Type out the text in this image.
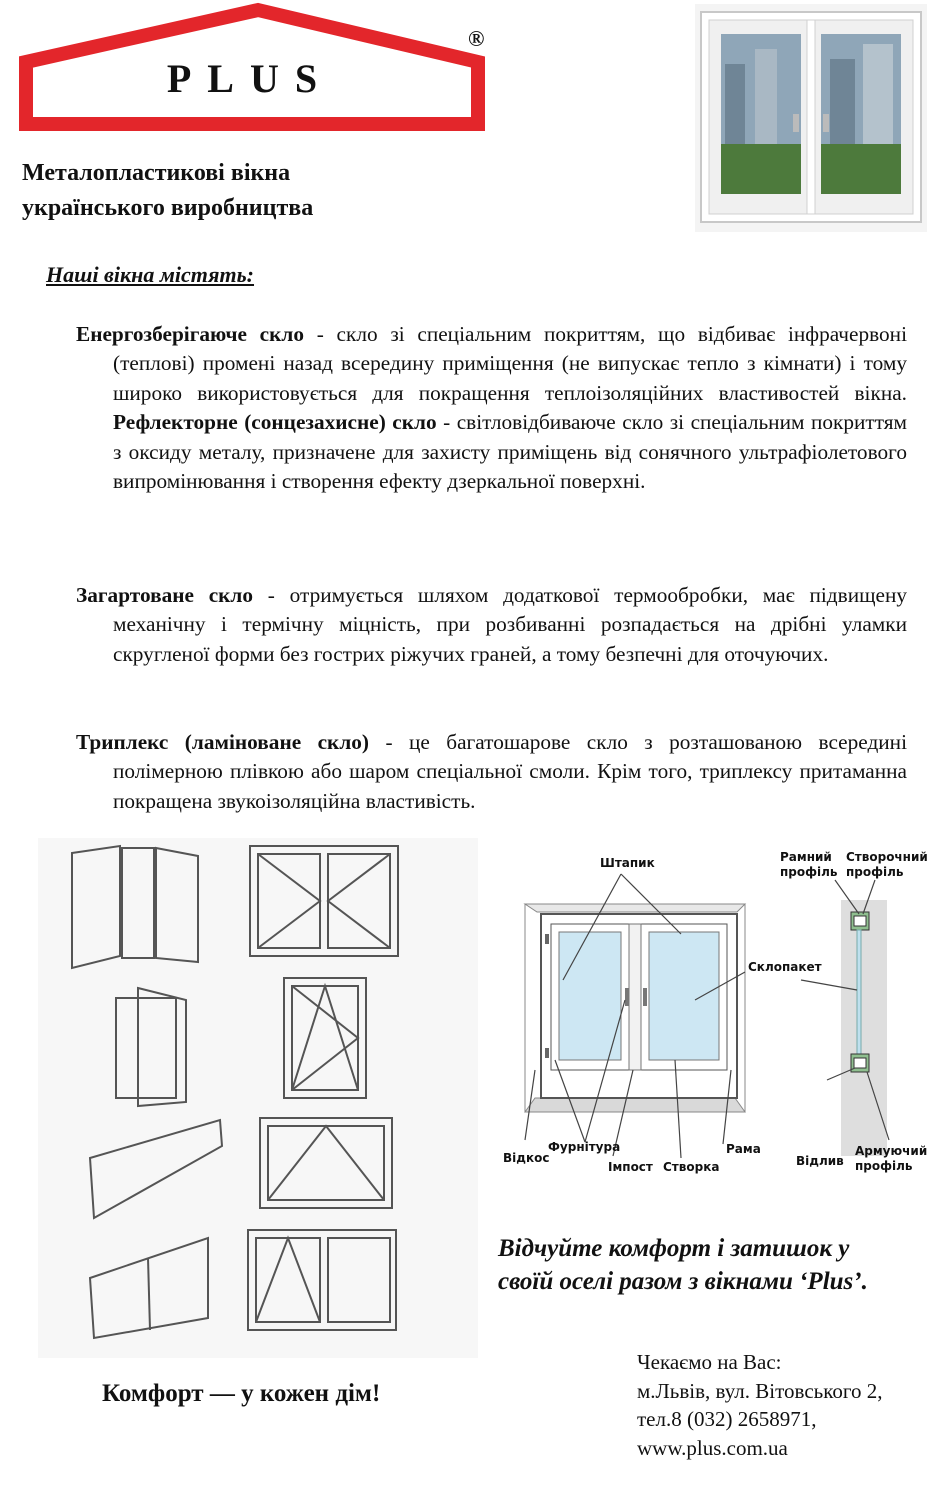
PLUS
®
Металопластикові вікна
українського виробництва
Наші вікна містять:
Енергозберігаюче скло - скло зі спеціальним покриттям, що відбиває інфрачервоні (теплові) промені назад всередину приміщення (не випускає тепло з кімнати) і тому широко використовується для покращення теплоізоляційних властивостей вікна. Рефлекторне (сонцезахисне) скло - світловідбиваюче скло зі спеціальним покриттям з оксиду металу, призначене для захисту приміщень від сонячного ультрафіолетового випромінювання і створення ефекту дзеркальної поверхні.
Загартоване скло - отримується шляхом додаткової термообробки, має підвищену механічну і термічну міцність, при розбиванні розпадається на дрібні уламки скругленої форми без гострих ріжучих граней, а тому безпечні для оточуючих.
Триплекс (ламіноване скло) - це багатошарове скло з розташованою всередині полімерною плівкою або шаром спеціальної смоли. Крім того, триплексу притаманна покращена звукоізоляційна властивість.
Штапик
Склопакет
Рамний
профіль
Створочний
профіль
Відкос
Фурнітура
Імпост Створка
Рама
Відлив
Армуючий
профіль
Відчуйте комфорт і затишок у
своїй оселі разом з вікнами ‘Plus’.
Комфорт — у кожен дім!
Чекаємо на Вас:
м.Львів, вул. Вітовського 2,
тел.8 (032) 2658971,
www.plus.com.ua
